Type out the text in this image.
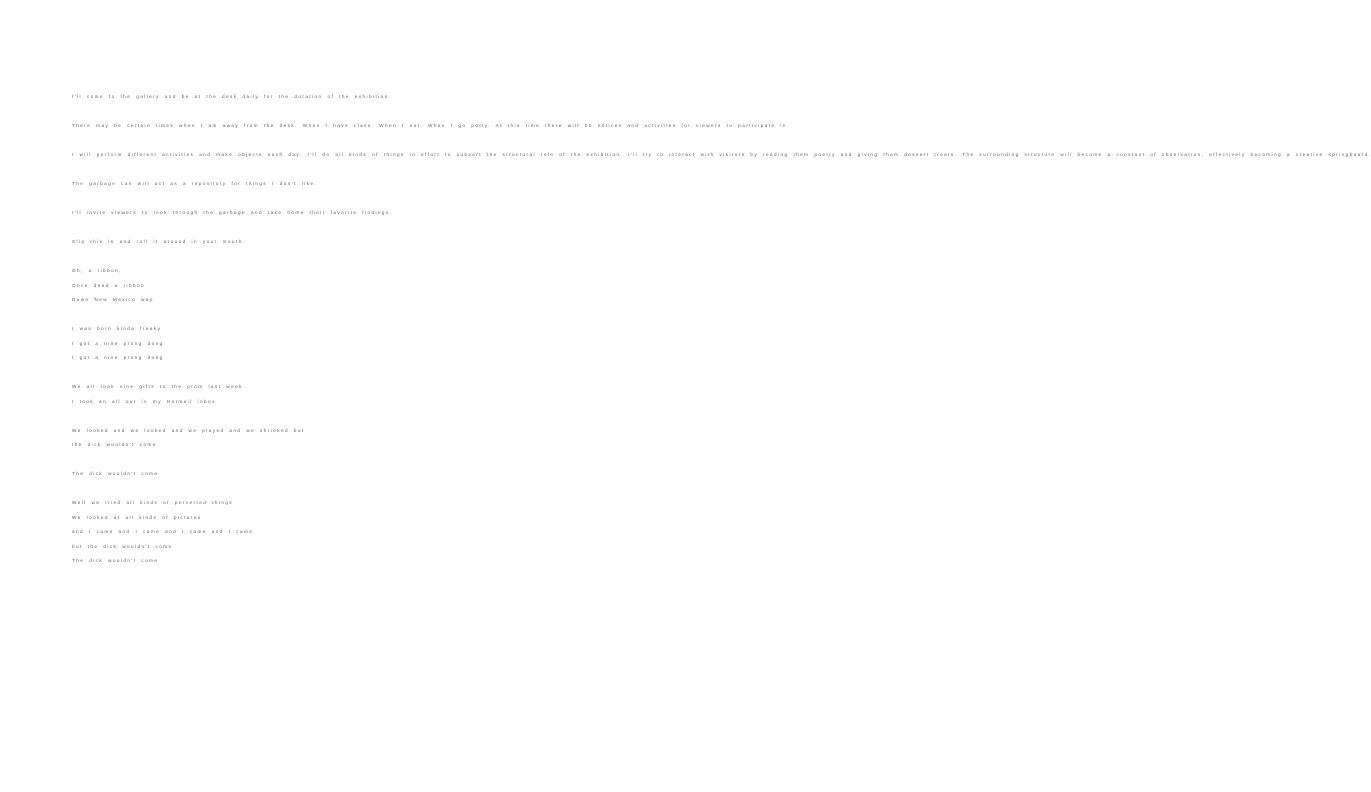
I'll come to the gallery and be at the desk daily for the duration of the exhibition.
There may be certain times when I am away from the desk. When I have class. When I eat. When I go potty. At this time there will be notices and activities for viewers to participate in.
I will perform different activities and make objects each day. I'll do all kinds of things in effort to subvert the structural role of the exhibition. I'll try to interact with visitors by reading them poetry and giving them dessert treats. The surrounding structure will become a constant of observation, effectively becoming a creative springboard.
The garbage can will act as a repository for things I don't like.
I'll invite viewers to look through the garbage and take home their favorite findings.
Slip this in and roll it around in your mouth.
Oh, a ribbon,
Once dead a ribbon
Down New Mexico way.
I was born kinda freaky
I got a nine prong dong
I got a nine prong dong
We all took nine gifts to the prom last week
I took an all out in my Hotmail inbox
We looked and we looked and we played and we shrieked but
the dick wouldn't come
The dick wouldn't come
Well we tried all kinds of perverted things
We looked at all kinds of pictures
and I came and I came and I came and I came
but the dick wouldn't come
The dick wouldn't come
